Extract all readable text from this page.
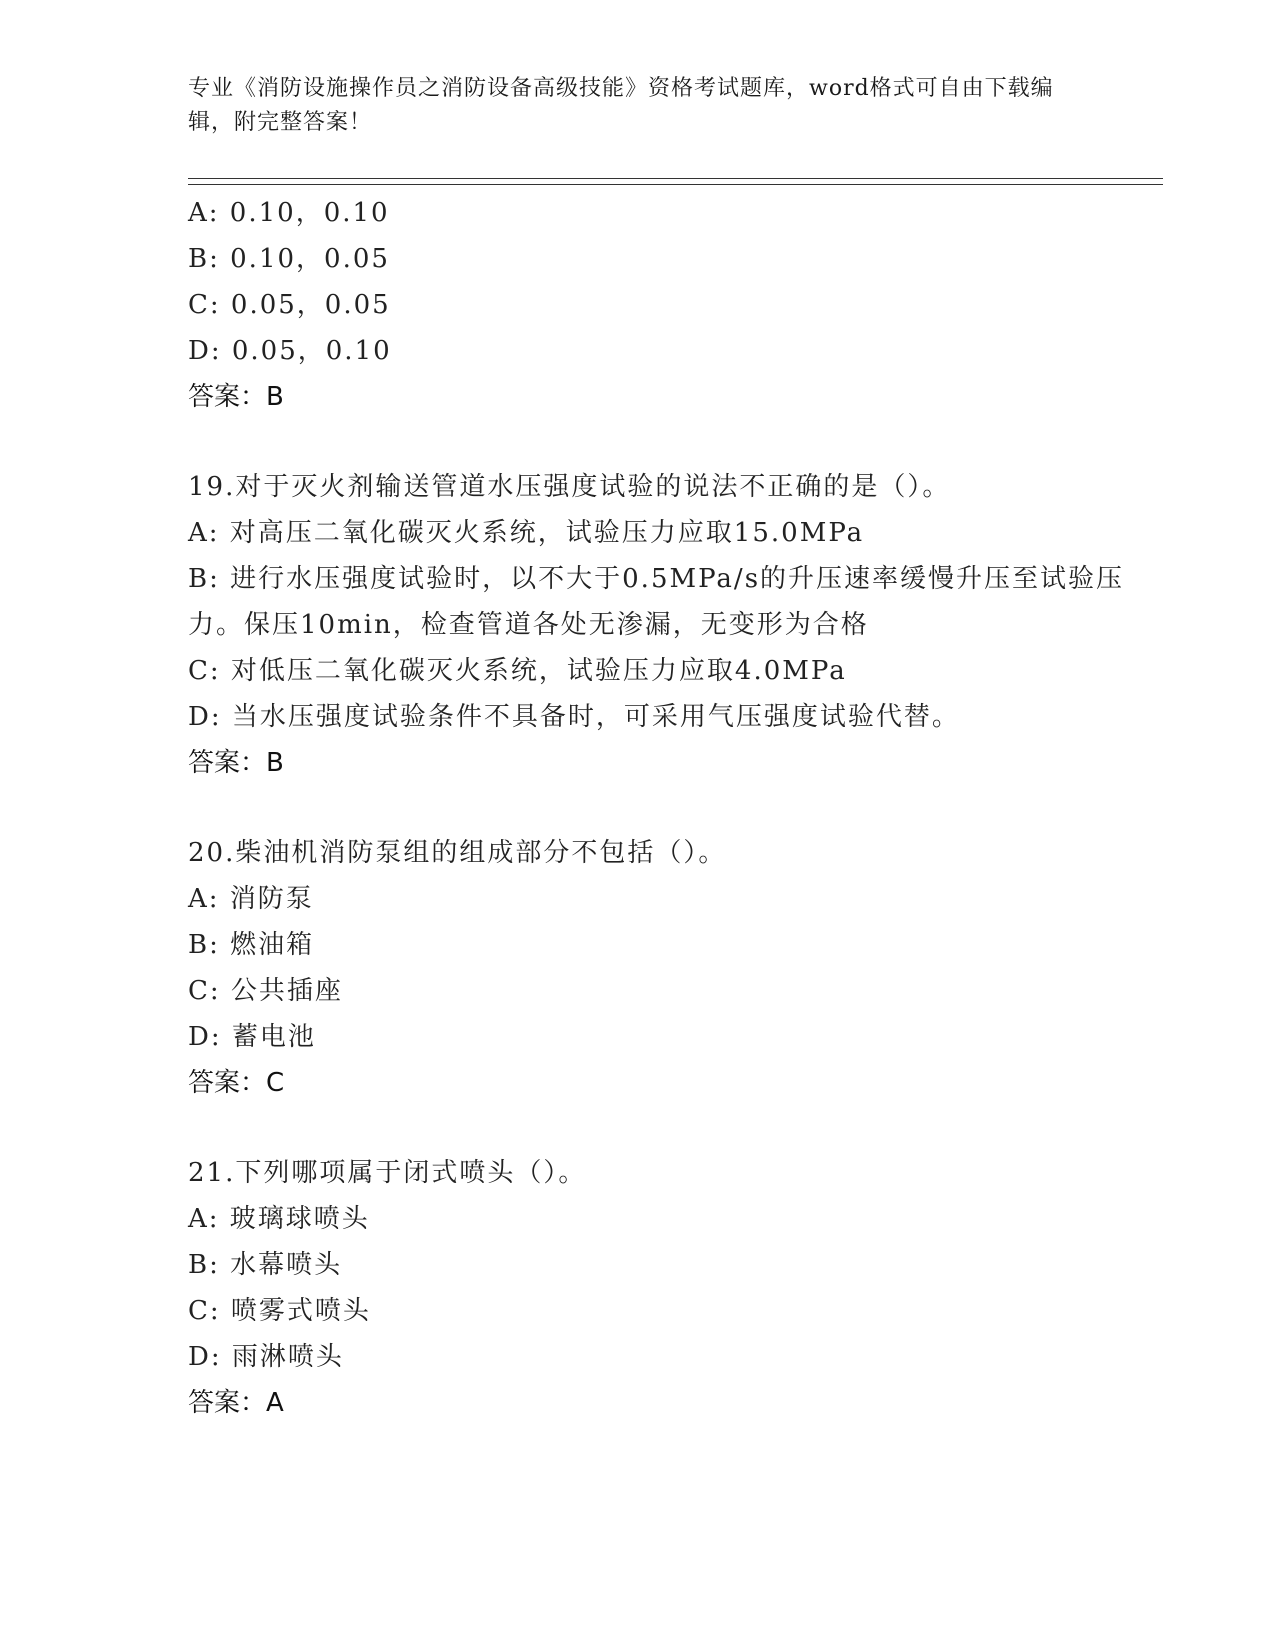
专业《消防设施操作员之消防设备高级技能》资格考试题库，word格式可自由下载编辑，附完整答案！
A: 0.10，0.10
B: 0.10，0.05
C: 0.05，0.05
D: 0.05，0.10
答案：B
19.对于灭火剂输送管道水压强度试验的说法不正确的是（）。
A: 对高压二氧化碳灭火系统，试验压力应取15.0MPa
B: 进行水压强度试验时，以不大于0.5MPa/s的升压速率缓慢升压至试验压力。保压10min，检查管道各处无渗漏，无变形为合格
C: 对低压二氧化碳灭火系统，试验压力应取4.0MPa
D: 当水压强度试验条件不具备时，可采用气压强度试验代替。
答案：B
20.柴油机消防泵组的组成部分不包括（）。
A: 消防泵
B: 燃油箱
C: 公共插座
D: 蓄电池
答案：C
21.下列哪项属于闭式喷头（）。
A: 玻璃球喷头
B: 水幕喷头
C: 喷雾式喷头
D: 雨淋喷头
答案：A
